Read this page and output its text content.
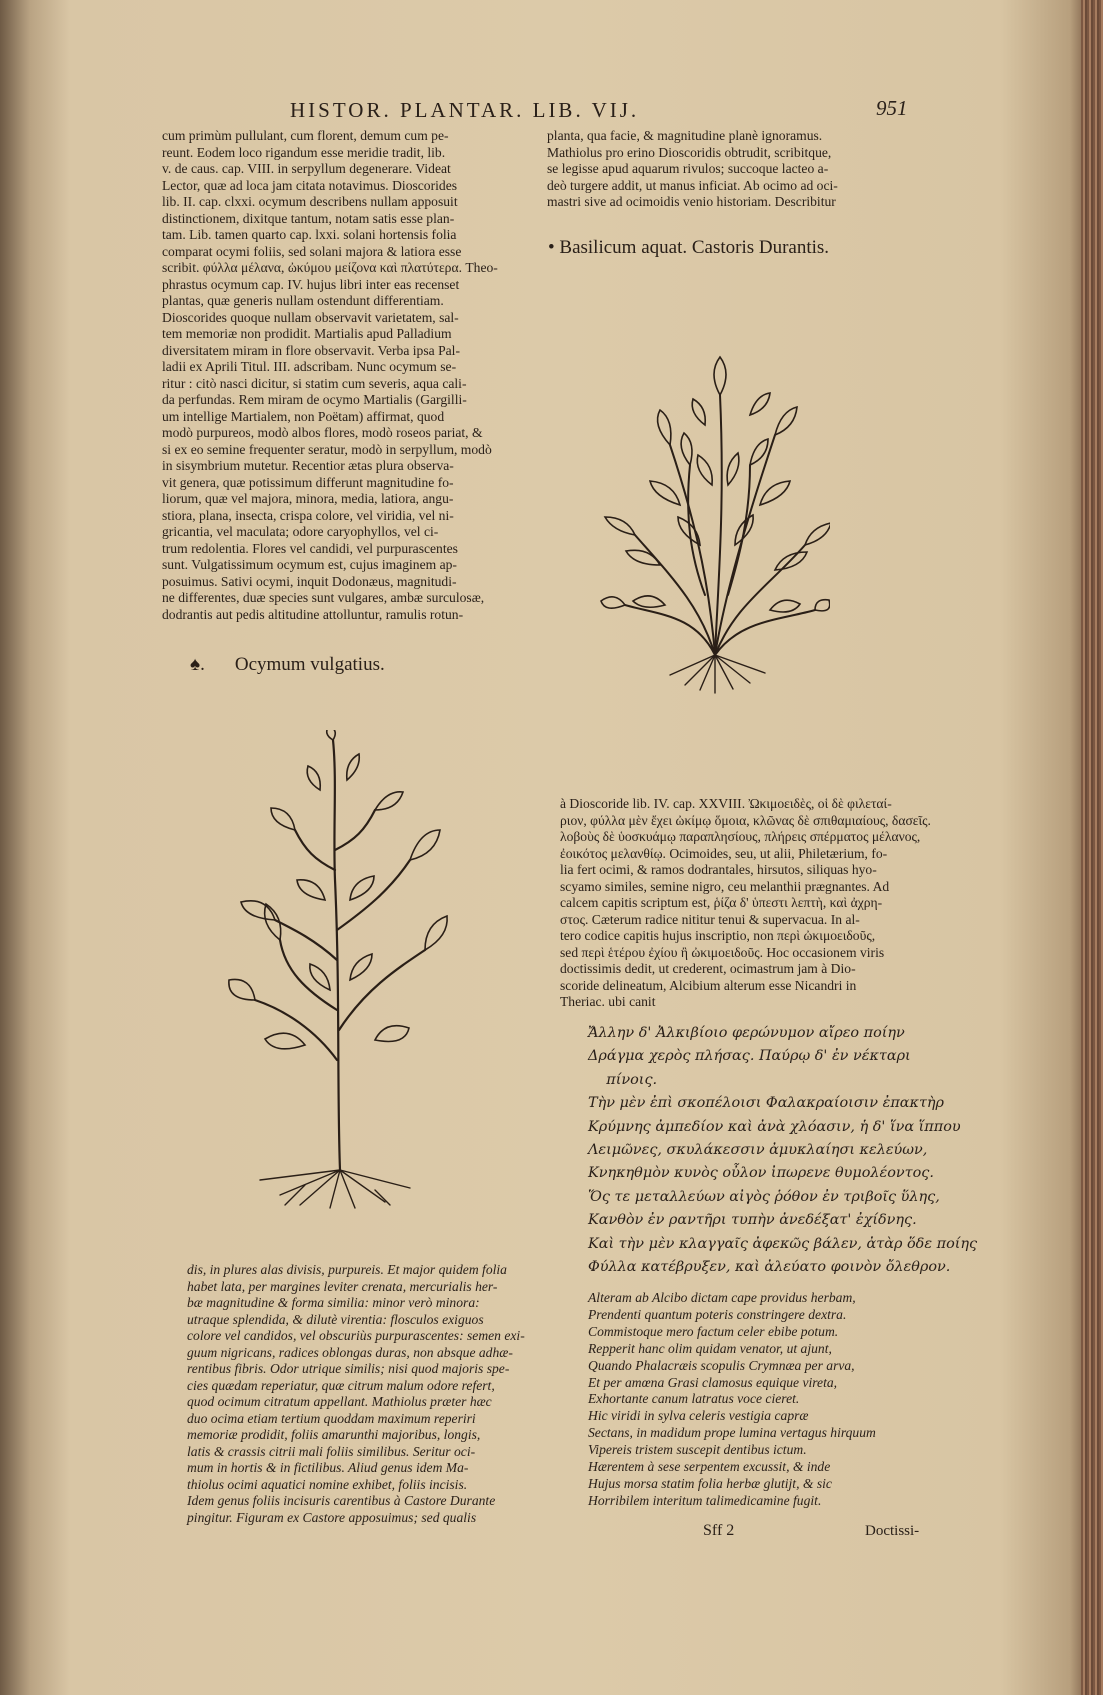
HISTOR. PLANTAR. LIB. VIJ.	951
cum primùm pullulant, cum florent, demum cum pe-
reunt. Eodem loco rigandum esse meridie tradit, lib.
v. de caus. cap. VIII. in serpyllum degenerare. Videat
Lector, quæ ad loca jam citata notavimus. Dioscorides
lib. II. cap. clxxi. ocymum describens nullam apposuit
distinctionem, dixitque tantum, notam satis esse plan-
tam. Lib. tamen quarto cap. lxxi. solani hortensis folia
comparat ocymi foliis, sed solani majora & latiora esse
scribit. φύλλα μέλανα, ὠκύμου μείζονα καὶ πλατύτερα. Theo-
phrastus ocymum cap. IV. hujus libri inter eas recenset
plantas, quæ generis nullam ostendunt differentiam.
Dioscorides quoque nullam observavit varietatem, sal-
tem memoriæ non prodidit. Martialis apud Palladium
diversitatem miram in flore observavit. Verba ipsa Pal-
ladii ex Aprili Titul. III. adscribam. Nunc ocymum se-
ritur : citò nasci dicitur, si statim cum severis, aqua cali-
da perfundas. Rem miram de ocymo Martialis (Gargilli-
um intellige Martialem, non Poëtam) affirmat, quod
modò purpureos, modò albos flores, modò roseos pariat, &
si ex eo semine frequenter seratur, modò in serpyllum, modò
in sisymbrium mutetur. Recentior ætas plura observa-
vit genera, quæ potissimum differunt magnitudine fo-
liorum, quæ vel majora, minora, media, latiora, angu-
stiora, plana, insecta, crispa colore, vel viridia, vel ni-
gricantia, vel maculata; odore caryophyllos, vel ci-
trum redolentia. Flores vel candidi, vel purpurascentes
sunt. Vulgatissimum ocymum est, cujus imaginem ap-
posuimus. Sativi ocymi, inquit Dodonæus, magnitudi-
ne differentes, duæ species sunt vulgares, ambæ surculosæ,
dodrantis aut pedis altitudine attolluntur, ramulis rotun-
planta, qua facie, & magnitudine planè ignoramus.
Mathiolus pro erino Dioscoridis obtrudit, scribitque,
se legisse apud aquarum rivulos; succoque lacteo a-
deò turgere addit, ut manus inficiat. Ab ocimo ad oci-
mastri sive ad ocimoidis venio historiam. Describitur
• Basilicum aquat. Castoris Durantis.
♠. Ocymum vulgatius.
à Dioscoride lib. IV. cap. XXVIII. Ὠκιμοειδὲς, οἱ δὲ φιλεταί-
ριον, φύλλα μὲν ἔχει ὠκίμῳ ὅμοια, κλῶνας δὲ σπιθαμιαίους, δασεῖς.
λοβοὺς δὲ ὑοσκυάμῳ παραπλησίους, πλήρεις σπέρματος μέλανος,
ἐοικότος μελανθίῳ. Ocimoides, seu, ut alii, Philetærium, fo-
lia fert ocimi, & ramos dodrantales, hirsutos, siliquas hyo-
scyamo similes, semine nigro, ceu melanthii prægnantes. Ad
calcem capitis scriptum est, ῥίζα δ' ὑπεστι λεπτὴ, καὶ ἀχρη-
στος. Cæterum radice nititur tenui & supervacua. In al-
tero codice capitis hujus inscriptio, non περὶ ὠκιμοειδοῦς,
sed περὶ ἑτέρου ἐχίου ἢ ὠκιμοειδοῦς. Hoc occasionem viris
doctissimis dedit, ut crederent, ocimastrum jam à Dio-
scoride delineatum, Alcibium alterum esse Nicandri in
Theriac. ubi canit
Ἄλλην δ' Ἀλκιβίοιο φερώνυμον αἴρεο ποίην
Δράγμα χερὸς πλήσας. Παύρῳ δ' ἐν νέκταρι
πίνοις.
Τὴν μὲν ἐπὶ σκοπέλοισι Φαλακραίοισιν ἐπακτὴρ
Κρύμνης ἀμπεδίον καὶ ἀνὰ χλόασιν, ἡ δ' ἵνα ἵππου
Λειμῶνες, σκυλάκεσσιν ἀμυκλαίησι κελεύων,
Κνηκηθμὸν κυνὸς οὖλον ἰπωρενε θυμολέοντος.
Ὅς τε μεταλλεύων αἰγὸς ῥόθον ἐν τριβοῖς ὕλης,
Κανθὸν ἐν ραντῆρι τυπὴν ἀνεδέξατ' ἐχίδνης.
Καὶ τὴν μὲν κλαγγαῖς ἀφεκῶς βάλεν, ἀτὰρ ὅδε ποίης
Φύλλα κατέβρυξεν, καὶ ἀλεύατο φοινὸν ὄλεθρον.
Alteram ab Alcibo dictam cape providus herbam,
Prendenti quantum poteris constringere dextra.
Commistoque mero factum celer ebibe potum.
Repperit hanc olim quidam venator, ut ajunt,
Quando Phalacræis scopulis Crymnæa per arva,
Et per amœna Grasi clamosus equique vireta,
Exhortante canum latratus voce cieret.
Hic viridi in sylva celeris vestigia capræ
Sectans, in madidum prope lumina vertagus hirquum
Vipereis tristem suscepit dentibus ictum.
Hærentem à sese serpentem excussit, & inde
Hujus morsa statim folia herbæ glutijt, & sic
Horribilem interitum talimedicamine fugit.
dis, in plures alas divisis, purpureis. Et major quidem folia
habet lata, per margines leviter crenata, mercurialis her-
bæ magnitudine & forma similia: minor verò minora:
utraque splendida, & dilutè virentia: flosculos exiguos
colore vel candidos, vel obscuriùs purpurascentes: semen exi-
guum nigricans, radices oblongas duras, non absque adhæ-
rentibus fibris. Odor utrique similis; nisi quod majoris spe-
cies quædam reperiatur, quæ citrum malum odore refert,
quod ocimum citratum appellant. Mathiolus præter hæc
duo ocima etiam tertium quoddam maximum reperiri
memoriæ prodidit, foliis amarunthi majoribus, longis,
latis & crassis citrii mali foliis similibus. Seritur oci-
mum in hortis & in fictilibus. Aliud genus idem Ma-
thiolus ocimi aquatici nomine exhibet, foliis incisis.
Idem genus foliis incisuris carentibus à Castore Durante
pingitur. Figuram ex Castore apposuimus; sed qualis
Sff 2	Doctissi-
